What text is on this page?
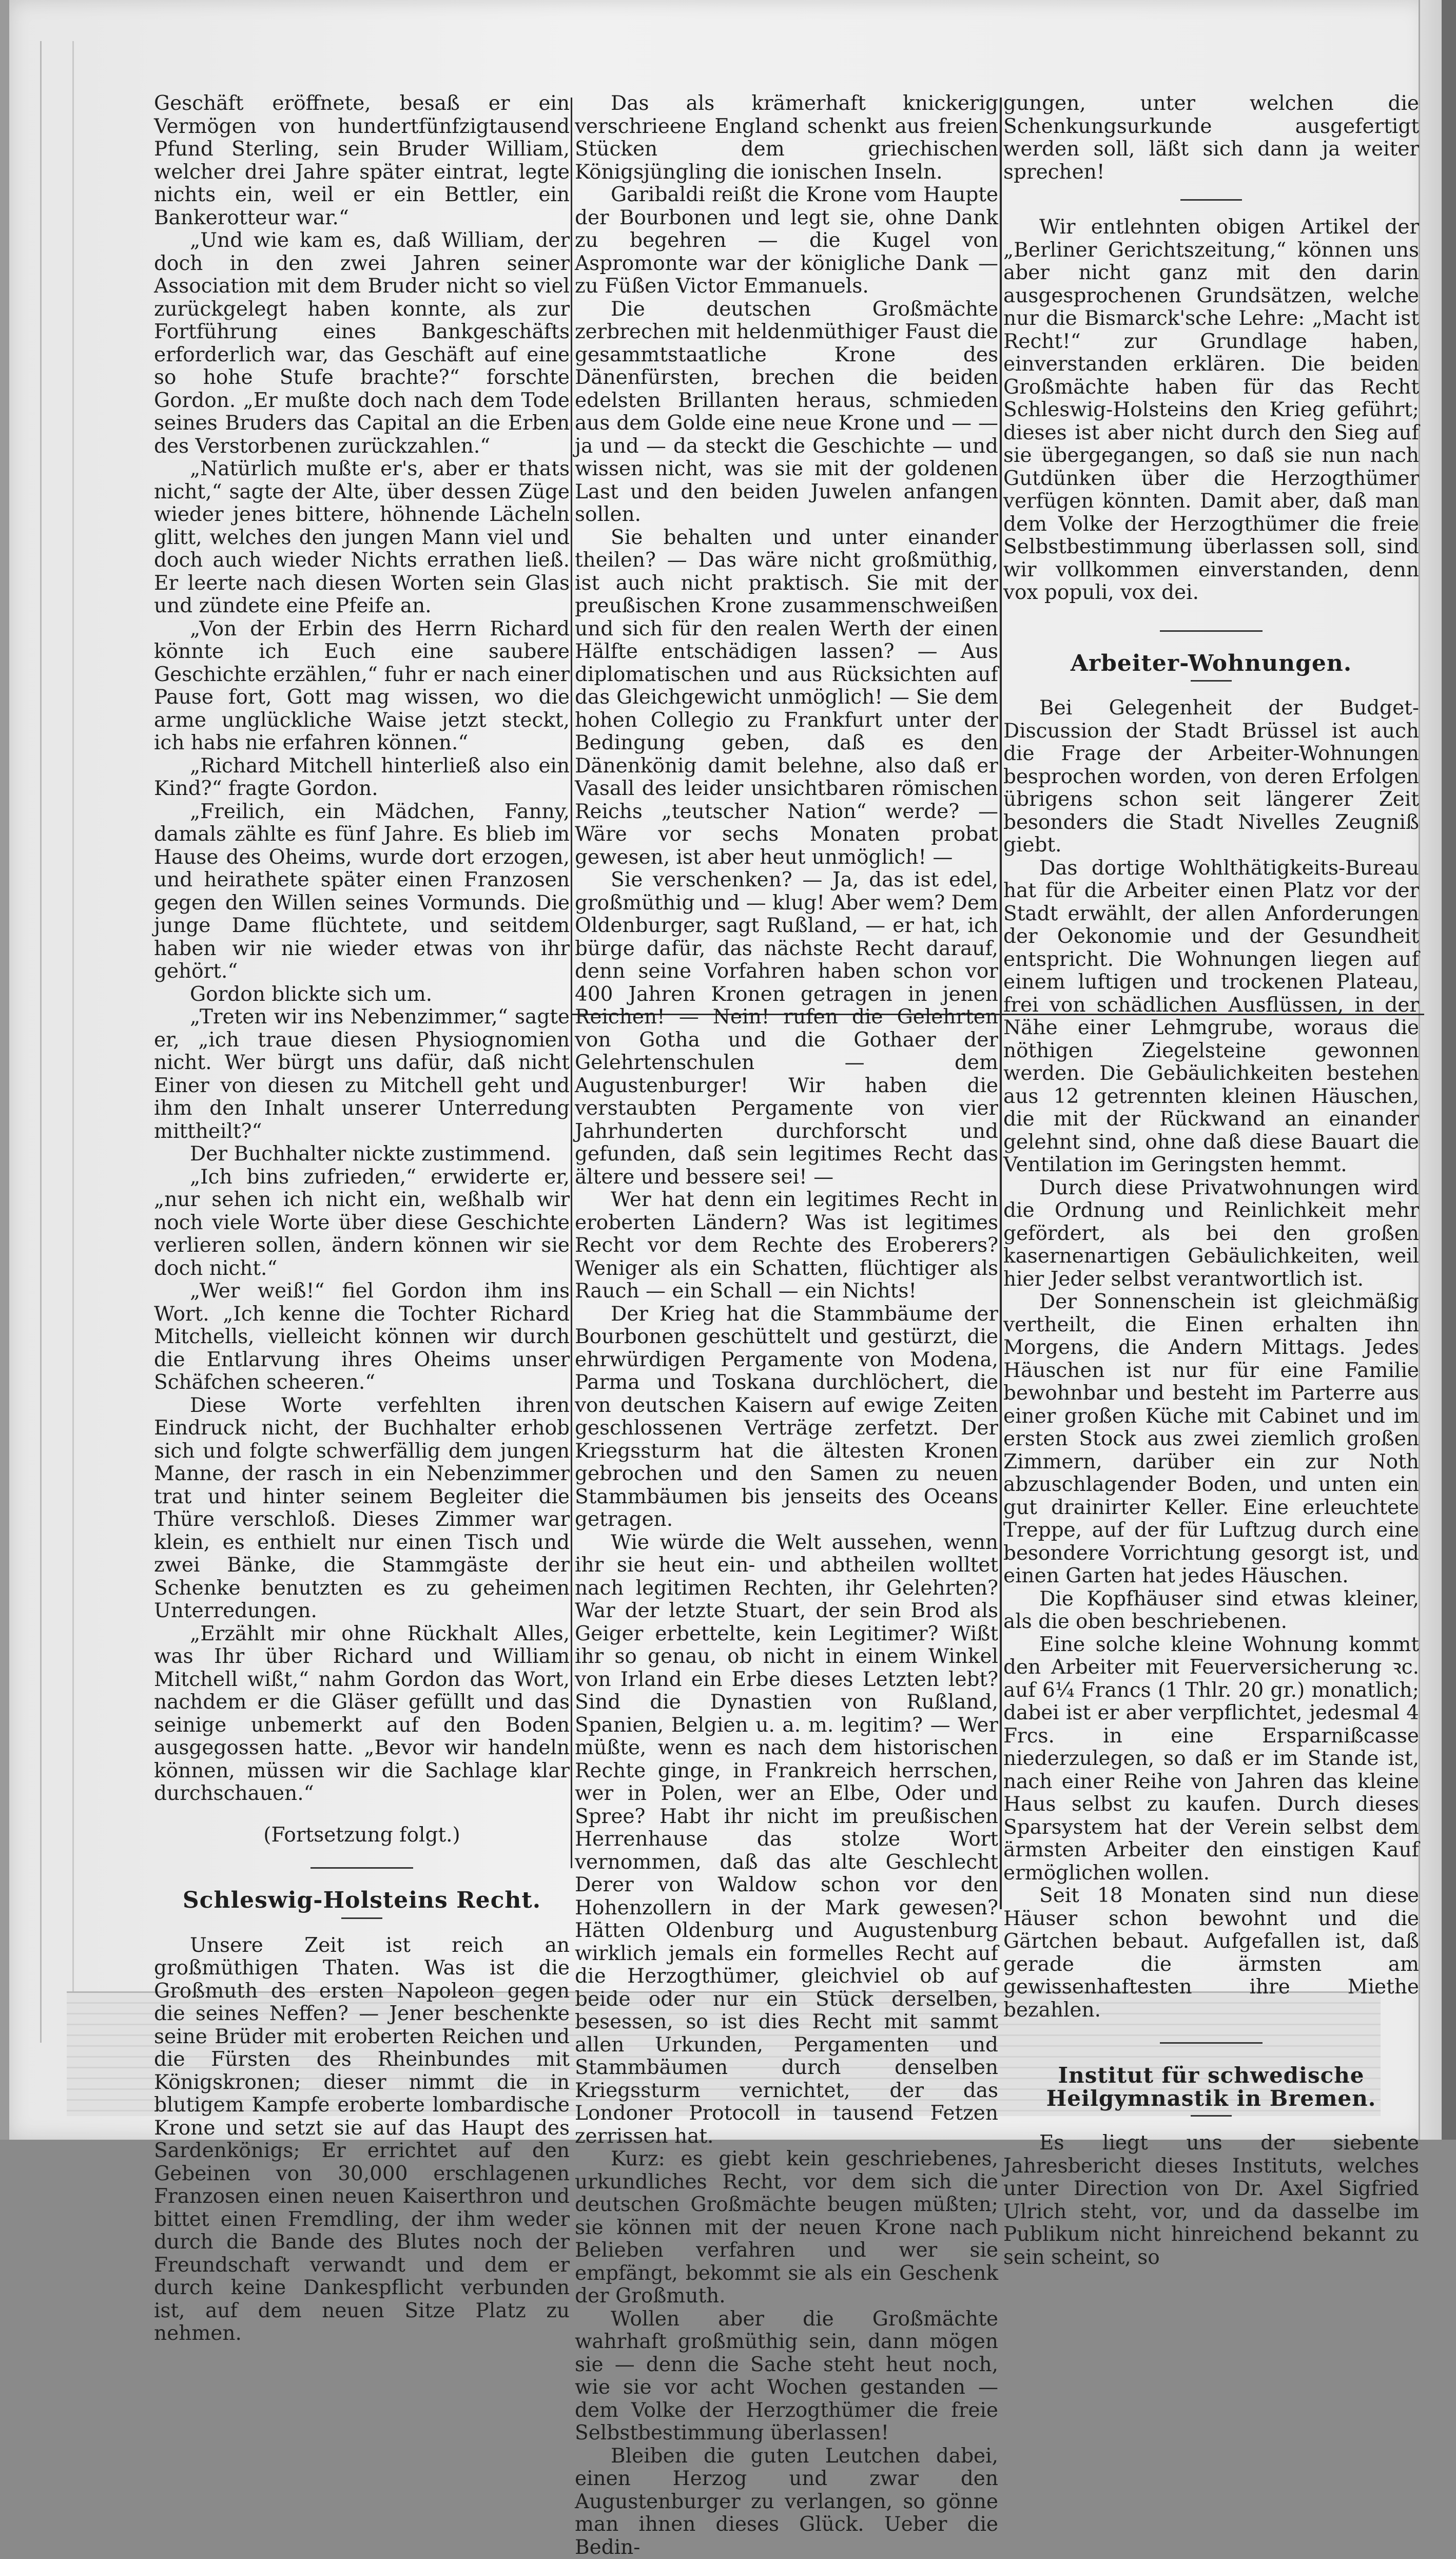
Geschäft eröffnete, besaß er ein Vermögen von hundertfünfzigtausend Pfund Sterling, sein Bruder William, welcher drei Jahre später eintrat, legte nichts ein, weil er ein Bettler, ein Bankerotteur war.“

„Und wie kam es, daß William, der doch in den zwei Jahren seiner Association mit dem Bruder nicht so viel zurückgelegt haben konnte, als zur Fortführung eines Bankgeschäfts erforderlich war, das Geschäft auf eine so hohe Stufe brachte?“ forschte Gordon. „Er mußte doch nach dem Tode seines Bruders das Capital an die Erben des Verstorbenen zurückzahlen.“

„Natürlich mußte er's, aber er thats nicht,“ sagte der Alte, über dessen Züge wieder jenes bittere, höhnende Lächeln glitt, welches den jungen Mann viel und doch auch wieder Nichts errathen ließ. Er leerte nach diesen Worten sein Glas und zündete eine Pfeife an.

„Von der Erbin des Herrn Richard könnte ich Euch eine saubere Geschichte erzählen,“ fuhr er nach einer Pause fort, Gott mag wissen, wo die arme unglückliche Waise jetzt steckt, ich habs nie erfahren können.“

„Richard Mitchell hinterließ also ein Kind?“ fragte Gordon.

„Freilich, ein Mädchen, Fanny, damals zählte es fünf Jahre. Es blieb im Hause des Oheims, wurde dort erzogen, und heirathete später einen Franzosen gegen den Willen seines Vormunds. Die junge Dame flüchtete, und seitdem haben wir nie wieder etwas von ihr gehört.“

Gordon blickte sich um.

„Treten wir ins Nebenzimmer,“ sagte er, „ich traue diesen Physiognomien nicht. Wer bürgt uns dafür, daß nicht Einer von diesen zu Mitchell geht und ihm den Inhalt unserer Unterredung mittheilt?“

Der Buchhalter nickte zustimmend.

„Ich bins zufrieden,“ erwiderte er, „nur sehen ich nicht ein, weßhalb wir noch viele Worte über diese Geschichte verlieren sollen, ändern können wir sie doch nicht.“

„Wer weiß!“ fiel Gordon ihm ins Wort. „Ich kenne die Tochter Richard Mitchells, vielleicht können wir durch die Entlarvung ihres Oheims unser Schäfchen scheeren.“

Diese Worte verfehlten ihren Eindruck nicht, der Buchhalter erhob sich und folgte schwerfällig dem jungen Manne, der rasch in ein Nebenzimmer trat und hinter seinem Begleiter die Thüre verschloß. Dieses Zimmer war klein, es enthielt nur einen Tisch und zwei Bänke, die Stammgäste der Schenke benutzten es zu geheimen Unterredungen.

„Erzählt mir ohne Rückhalt Alles, was Ihr über Richard und William Mitchell wißt,“ nahm Gordon das Wort, nachdem er die Gläser gefüllt und das seinige unbemerkt auf den Boden ausgegossen hatte. „Bevor wir handeln können, müssen wir die Sachlage klar durchschauen.“

(Fortsetzung folgt.)

Schleswig-Holsteins Recht.

Unsere Zeit ist reich an großmüthigen Thaten. Was ist die Großmuth des ersten Napoleon gegen die seines Neffen? — Jener beschenkte seine Brüder mit eroberten Reichen und die Fürsten des Rheinbundes mit Königskronen; dieser nimmt die in blutigem Kampfe eroberte lombardische Krone und setzt sie auf das Haupt des Sardenkönigs; Er errichtet auf den Gebeinen von 30,000 erschlagenen Franzosen einen neuen Kaiserthron und bittet einen Fremdling, der ihm weder durch die Bande des Blutes noch der Freundschaft verwandt und dem er durch keine Dankespflicht verbunden ist, auf dem neuen Sitze Platz zu nehmen.

Das als krämerhaft knickerig verschrieene England schenkt aus freien Stücken dem griechischen Königsjüngling die ionischen Inseln.

Garibaldi reißt die Krone vom Haupte der Bourbonen und legt sie, ohne Dank zu begehren — die Kugel von Aspromonte war der königliche Dank — zu Füßen Victor Emmanuels.

Die deutschen Großmächte zerbrechen mit heldenmüthiger Faust die gesammtstaatliche Krone des Dänenfürsten, brechen die beiden edelsten Brillanten heraus, schmieden aus dem Golde eine neue Krone und — — ja und — da steckt die Geschichte — und wissen nicht, was sie mit der goldenen Last und den beiden Juwelen anfangen sollen.

Sie behalten und unter einander theilen? — Das wäre nicht großmüthig, ist auch nicht praktisch. Sie mit der preußischen Krone zusammenschweißen und sich für den realen Werth der einen Hälfte entschädigen lassen? — Aus diplomatischen und aus Rücksichten auf das Gleichgewicht unmöglich! — Sie dem hohen Collegio zu Frankfurt unter der Bedingung geben, daß es den Dänenkönig damit belehne, also daß er Vasall des leider unsichtbaren römischen Reichs „teutscher Nation“ werde? — Wäre vor sechs Monaten probat gewesen, ist aber heut unmöglich! —

Sie verschenken? — Ja, das ist edel, großmüthig und — klug! Aber wem? Dem Oldenburger, sagt Rußland, — er hat, ich bürge dafür, das nächste Recht darauf, denn seine Vorfahren haben schon vor 400 Jahren Kronen getragen in jenen Reichen! — Nein! rufen die Gelehrten von Gotha und die Gothaer der Gelehrtenschulen — dem Augustenburger! Wir haben die verstaubten Pergamente von vier Jahrhunderten durchforscht und gefunden, daß sein legitimes Recht das ältere und bessere sei! —

Wer hat denn ein legitimes Recht in eroberten Ländern? Was ist legitimes Recht vor dem Rechte des Eroberers? Weniger als ein Schatten, flüchtiger als Rauch — ein Schall — ein Nichts!

Der Krieg hat die Stammbäume der Bourbonen geschüttelt und gestürzt, die ehrwürdigen Pergamente von Modena, Parma und Toskana durchlöchert, die von deutschen Kaisern auf ewige Zeiten geschlossenen Verträge zerfetzt. Der Kriegssturm hat die ältesten Kronen gebrochen und den Samen zu neuen Stammbäumen bis jenseits des Oceans getragen.

Wie würde die Welt aussehen, wenn ihr sie heut ein- und abtheilen wolltet nach legitimen Rechten, ihr Gelehrten? War der letzte Stuart, der sein Brod als Geiger erbettelte, kein Legitimer? Wißt ihr so genau, ob nicht in einem Winkel von Irland ein Erbe dieses Letzten lebt? Sind die Dynastien von Rußland, Spanien, Belgien u. a. m. legitim? — Wer müßte, wenn es nach dem historischen Rechte ginge, in Frankreich herrschen, wer in Polen, wer an Elbe, Oder und Spree? Habt ihr nicht im preußischen Herrenhause das stolze Wort vernommen, daß das alte Geschlecht Derer von Waldow schon vor den Hohenzollern in der Mark gewesen? Hätten Oldenburg und Augustenburg wirklich jemals ein formelles Recht auf die Herzogthümer, gleichviel ob auf beide oder nur ein Stück derselben, besessen, so ist dies Recht mit sammt allen Urkunden, Pergamenten und Stammbäumen durch denselben Kriegssturm vernichtet, der das Londoner Protocoll in tausend Fetzen zerrissen hat.

Kurz: es giebt kein geschriebenes, urkundliches Recht, vor dem sich die deutschen Großmächte beugen müßten; sie können mit der neuen Krone nach Belieben verfahren und wer sie empfängt, bekommt sie als ein Geschenk der Großmuth.

Wollen aber die Großmächte wahrhaft großmüthig sein, dann mögen sie — denn die Sache steht heut noch, wie sie vor acht Wochen gestanden — dem Volke der Herzogthümer die freie Selbstbestimmung überlassen!

Bleiben die guten Leutchen dabei, einen Herzog und zwar den Augustenburger zu verlangen, so gönne man ihnen dieses Glück. Ueber die Bedin-

gungen, unter welchen die Schenkungsurkunde ausgefertigt werden soll, läßt sich dann ja weiter sprechen!

Wir entlehnten obigen Artikel der „Berliner Gerichtszeitung,“ können uns aber nicht ganz mit den darin ausgesprochenen Grundsätzen, welche nur die Bismarck'sche Lehre: „Macht ist Recht!“ zur Grundlage haben, einverstanden erklären. Die beiden Großmächte haben für das Recht Schleswig-Holsteins den Krieg geführt; dieses ist aber nicht durch den Sieg auf sie übergegangen, so daß sie nun nach Gutdünken über die Herzogthümer verfügen könnten. Damit aber, daß man dem Volke der Herzogthümer die freie Selbstbestimmung überlassen soll, sind wir vollkommen einverstanden, denn vox populi, vox dei.

Arbeiter-Wohnungen.

Bei Gelegenheit der Budget-Discussion der Stadt Brüssel ist auch die Frage der Arbeiter-Wohnungen besprochen worden, von deren Erfolgen übrigens schon seit längerer Zeit besonders die Stadt Nivelles Zeugniß giebt.

Das dortige Wohlthätigkeits-Bureau hat für die Arbeiter einen Platz vor der Stadt erwählt, der allen Anforderungen der Oekonomie und der Gesundheit entspricht. Die Wohnungen liegen auf einem luftigen und trockenen Plateau, frei von schädlichen Ausflüssen, in der Nähe einer Lehmgrube, woraus die nöthigen Ziegelsteine gewonnen werden. Die Gebäulichkeiten bestehen aus 12 getrennten kleinen Häuschen, die mit der Rückwand an einander gelehnt sind, ohne daß diese Bauart die Ventilation im Geringsten hemmt.

Durch diese Privatwohnungen wird die Ordnung und Reinlichkeit mehr gefördert, als bei den großen kasernenartigen Gebäulichkeiten, weil hier Jeder selbst verantwortlich ist.

Der Sonnenschein ist gleichmäßig vertheilt, die Einen erhalten ihn Morgens, die Andern Mittags. Jedes Häuschen ist nur für eine Familie bewohnbar und besteht im Parterre aus einer großen Küche mit Cabinet und im ersten Stock aus zwei ziemlich großen Zimmern, darüber ein zur Noth abzuschlagender Boden, und unten ein gut drainirter Keller. Eine erleuchtete Treppe, auf der für Luftzug durch eine besondere Vorrichtung gesorgt ist, und einen Garten hat jedes Häuschen.

Die Kopfhäuser sind etwas kleiner, als die oben beschriebenen.

Eine solche kleine Wohnung kommt den Arbeiter mit Feuerversicherung ꝛc. auf 6¼ Francs (1 Thlr. 20 gr.) monatlich; dabei ist er aber verpflichtet, jedesmal 4 Frcs. in eine Ersparnißcasse niederzulegen, so daß er im Stande ist, nach einer Reihe von Jahren das kleine Haus selbst zu kaufen. Durch dieses Sparsystem hat der Verein selbst dem ärmsten Arbeiter den einstigen Kauf ermöglichen wollen.

Seit 18 Monaten sind nun diese Häuser schon bewohnt und die Gärtchen bebaut. Aufgefallen ist, daß gerade die ärmsten am gewissenhaftesten ihre Miethe bezahlen.

Institut für schwedische Heilgymnastik in Bremen.

Es liegt uns der siebente Jahresbericht dieses Instituts, welches unter Direction von Dr. Axel Sigfried Ulrich steht, vor, und da dasselbe im Publikum nicht hinreichend bekannt zu sein scheint, so
